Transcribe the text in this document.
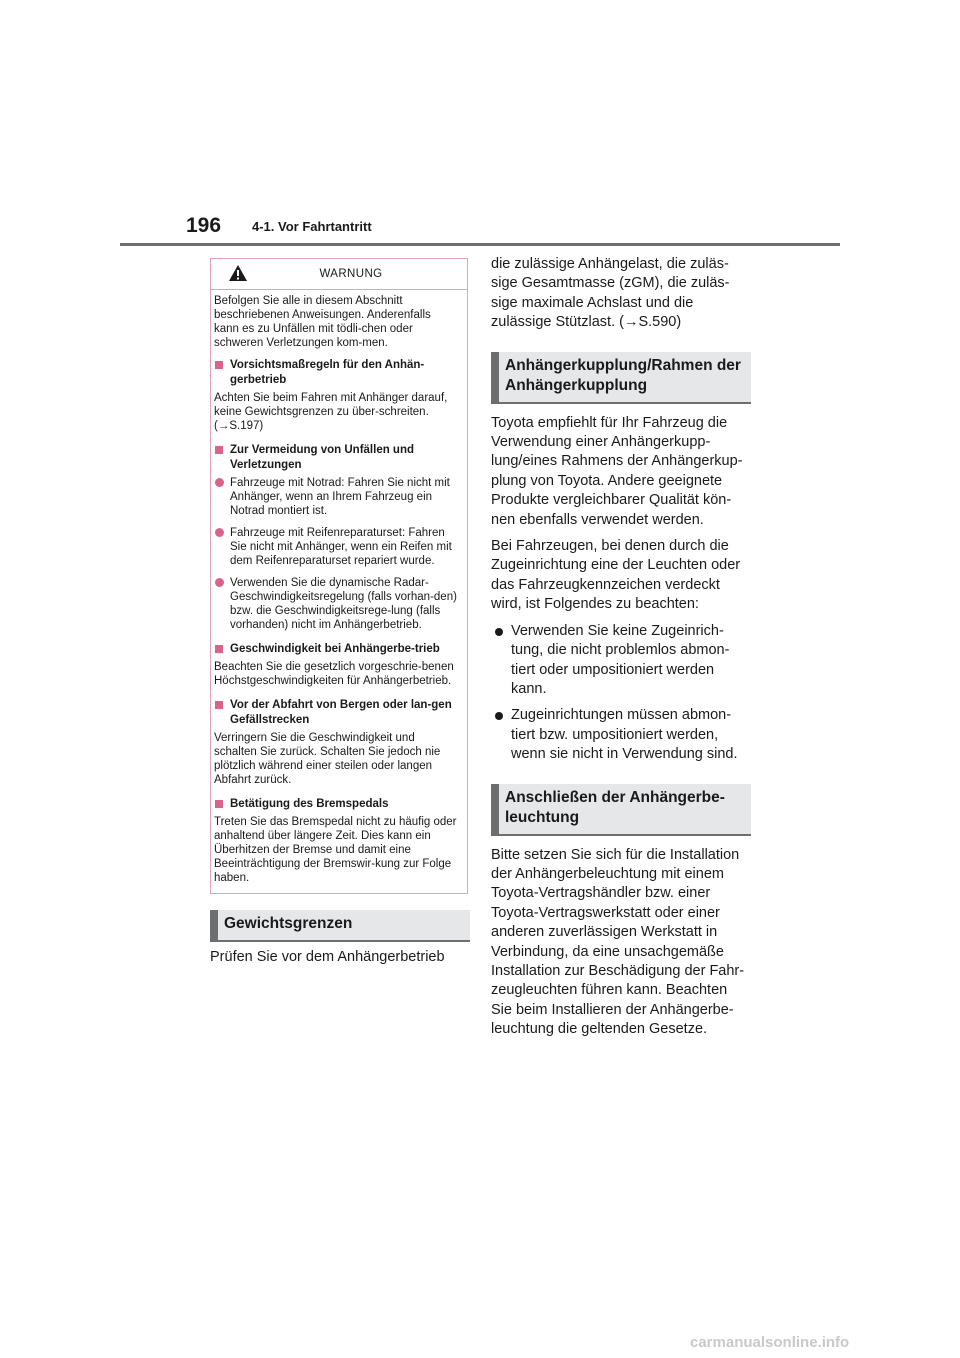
196 4-1. Vor Fahrtantritt

WARNUNG

Befolgen Sie alle in diesem Abschnitt beschriebenen Anweisungen. Anderenfalls kann es zu Unfällen mit tödli-chen oder schweren Verletzungen kom-men.

Vorsichtsmaßregeln für den Anhän-gerbetrieb

Achten Sie beim Fahren mit Anhänger darauf, keine Gewichtsgrenzen zu über-schreiten. (→S.197)

Zur Vermeidung von Unfällen und Verletzungen
Fahrzeuge mit Notrad: Fahren Sie nicht mit Anhänger, wenn an Ihrem Fahrzeug ein Notrad montiert ist.
Fahrzeuge mit Reifenreparaturset: Fahren Sie nicht mit Anhänger, wenn ein Reifen mit dem Reifenreparaturset repariert wurde.
Verwenden Sie die dynamische Radar-Geschwindigkeitsregelung (falls vorhan-den) bzw. die Geschwindigkeitsrege-lung (falls vorhanden) nicht im Anhängerbetrieb.
Geschwindigkeit bei Anhängerbe-trieb

Beachten Sie die gesetzlich vorgeschrie-benen Höchstgeschwindigkeiten für Anhängerbetrieb.

Vor der Abfahrt von Bergen oder lan-gen Gefällstrecken

Verringern Sie die Geschwindigkeit und schalten Sie zurück. Schalten Sie jedoch nie plötzlich während einer steilen oder langen Abfahrt zurück.

Betätigung des Bremspedals

Treten Sie das Bremspedal nicht zu häufig oder anhaltend über längere Zeit. Dies kann ein Überhitzen der Bremse und damit eine Beeinträchtigung der Bremswir-kung zur Folge haben.

Gewichtsgrenzen

Prüfen Sie vor dem Anhängerbetrieb

die zulässige Anhängelast, die zuläs-sige Gesamtmasse (zGM), die zuläs-sige maximale Achslast und die zulässige Stützlast. (→S.590)

Anhängerkupplung/Rahmen der Anhängerkupplung

Toyota empfiehlt für Ihr Fahrzeug die Verwendung einer Anhängerkupp-lung/eines Rahmens der Anhängerkup-plung von Toyota. Andere geeignete Produkte vergleichbarer Qualität kön-nen ebenfalls verwendet werden.

Bei Fahrzeugen, bei denen durch die Zugeinrichtung eine der Leuchten oder das Fahrzeugkennzeichen verdeckt wird, ist Folgendes zu beachten:

Verwenden Sie keine Zugeinrich-tung, die nicht problemlos abmon-tiert oder umpositioniert werden kann.
Zugeinrichtungen müssen abmon-tiert bzw. umpositioniert werden, wenn sie nicht in Verwendung sind.
Anschließen der Anhängerbe-leuchtung

Bitte setzen Sie sich für die Installation der Anhängerbeleuchtung mit einem Toyota-Vertragshändler bzw. einer Toyota-Vertragswerkstatt oder einer anderen zuverlässigen Werkstatt in Verbindung, da eine unsachgemäße Installation zur Beschädigung der Fahr-zeugleuchten führen kann. Beachten Sie beim Installieren der Anhängerbe-leuchtung die geltenden Gesetze.

carmanualsonline.info
